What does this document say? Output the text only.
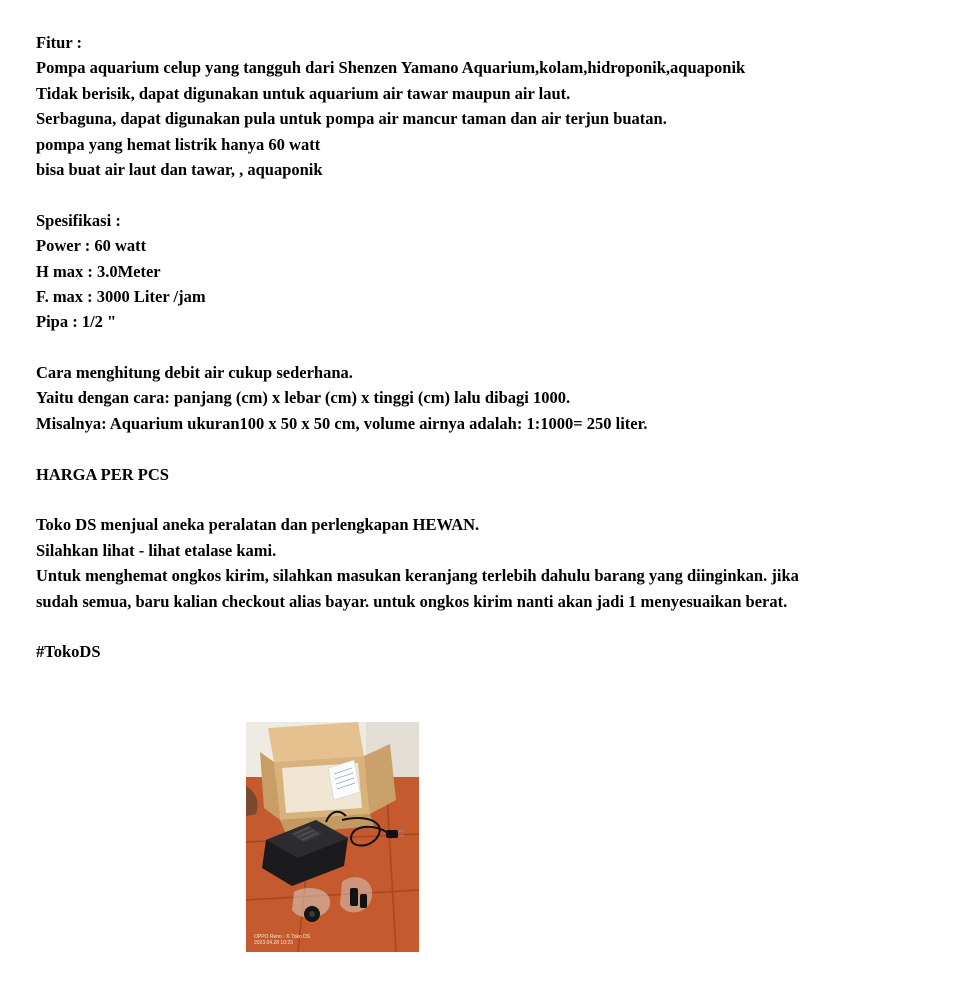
Fitur :
Pompa aquarium celup yang tangguh dari Shenzen Yamano Aquarium,kolam,hidroponik,aquaponik
Tidak berisik, dapat digunakan untuk aquarium air tawar maupun air laut.
Serbaguna, dapat digunakan pula untuk pompa air mancur taman dan air terjun buatan.
pompa yang hemat listrik hanya 60 watt
bisa buat air laut dan tawar, , aquaponik
Spesifikasi :
Power : 60 watt
H max : 3.0Meter
F. max : 3000 Liter /jam
Pipa : 1/2 "
Cara menghitung debit air cukup sederhana.
Yaitu dengan cara: panjang (cm) x lebar (cm) x tinggi (cm) lalu dibagi 1000.
Misalnya: Aquarium ukuran100 x 50 x 50 cm, volume airnya adalah: 1:1000= 250 liter.
HARGA PER PCS
Toko DS menjual aneka peralatan dan perlengkapan HEWAN.
Silahkan lihat - lihat etalase kami.
Untuk menghemat ongkos kirim, silahkan masukan keranjang terlebih dahulu barang yang diinginkan. jika
sudah semua, baru kalian checkout alias bayar. untuk ongkos kirim nanti akan jadi 1 menyesuaikan berat.
#TokoDS
OPPO Reno · © Toko DS
2023.04.28 10:23
